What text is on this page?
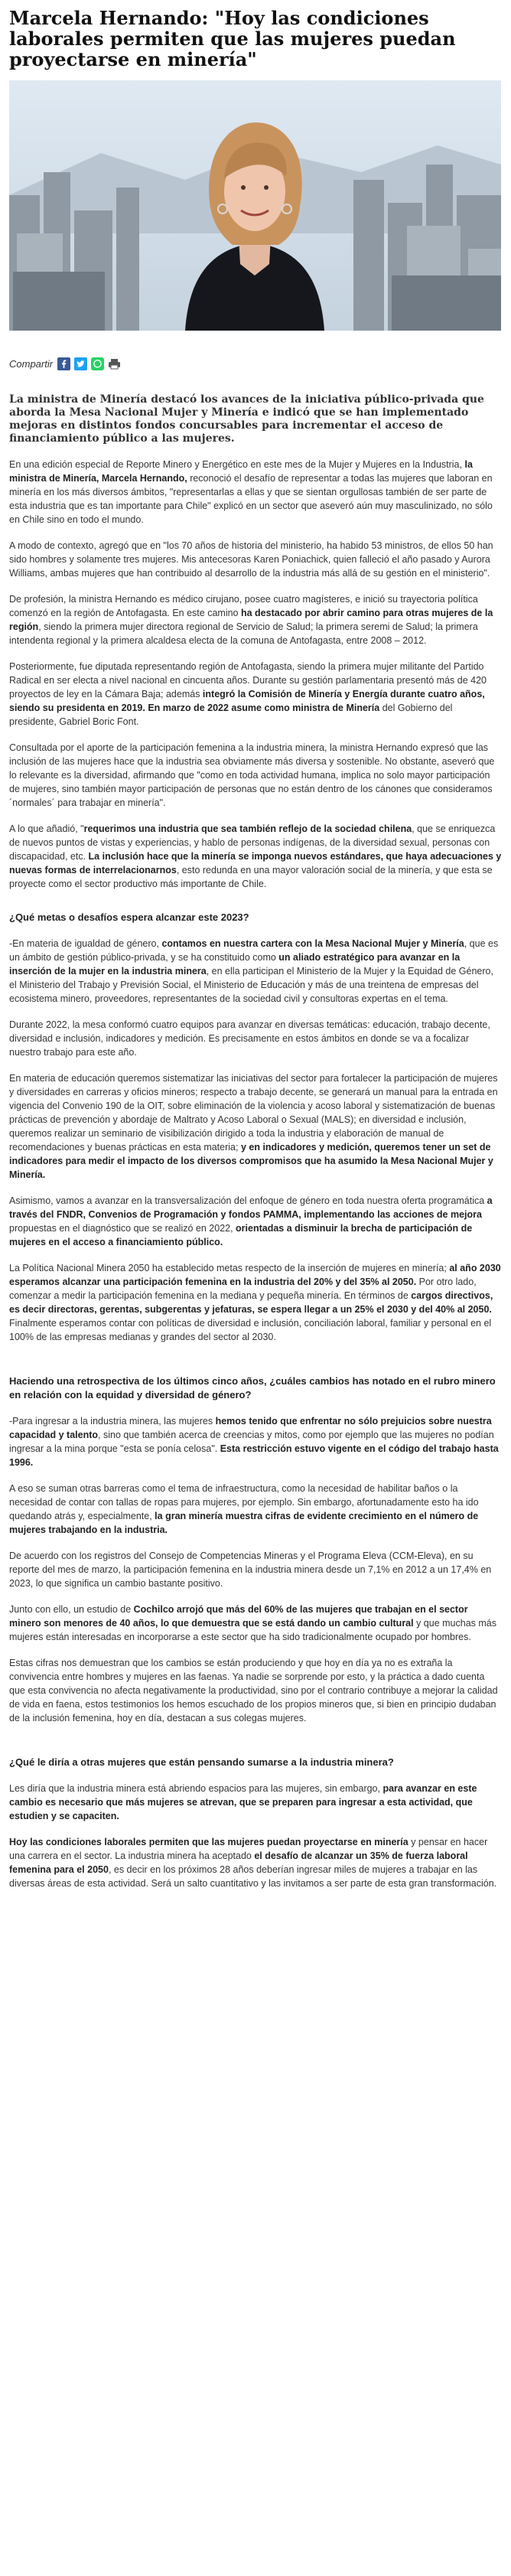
Marcela Hernando: "Hoy las condiciones laborales permiten que las mujeres puedan proyectarse en minería"
Compartir

La ministra de Minería destacó los avances de la iniciativa público-privada que aborda la Mesa Nacional Mujer y Minería e indicó que se han implementado mejoras en distintos fondos concursables para incrementar el acceso de financiamiento público a las mujeres.

En una edición especial de Reporte Minero y Energético en este mes de la Mujer y Mujeres en la Industria, la ministra de Minería, Marcela Hernando, reconoció el desafío de representar a todas las mujeres que laboran en minería en los más diversos ámbitos, "representarlas a ellas y que se sientan orgullosas también de ser parte de esta industria que es tan importante para Chile" explicó en un sector que aseveró aún muy masculinizado, no sólo en Chile sino en todo el mundo.

A modo de contexto, agregó que en "los 70 años de historia del ministerio, ha habido 53 ministros, de ellos 50 han sido hombres y solamente tres mujeres. Mis antecesoras Karen Poniachick, quien falleció el año pasado y Aurora Williams, ambas mujeres que han contribuido al desarrollo de la industria más allá de su gestión en el ministerio".

De profesión, la ministra Hernando es médico cirujano, posee cuatro magísteres, e inició su trayectoria política comenzó en la región de Antofagasta. En este camino ha destacado por abrir camino para otras mujeres de la región, siendo la primera mujer directora regional de Servicio de Salud; la primera seremi de Salud; la primera intendenta regional y la primera alcaldesa electa de la comuna de Antofagasta, entre 2008 – 2012.

Posteriormente, fue diputada representando región de Antofagasta, siendo la primera mujer militante del Partido Radical en ser electa a nivel nacional en cincuenta años. Durante su gestión parlamentaria presentó más de 420 proyectos de ley en la Cámara Baja; además integró la Comisión de Minería y Energía durante cuatro años, siendo su presidenta en 2019. En marzo de 2022 asume como ministra de Minería del Gobierno del presidente, Gabriel Boric Font.

Consultada por el aporte de la participación femenina a la industria minera, la ministra Hernando expresó que las inclusión de las mujeres hace que la industria sea obviamente más diversa y sostenible. No obstante, aseveró que lo relevante es la diversidad, afirmando que "como en toda actividad humana, implica no solo mayor participación de mujeres, sino también mayor participación de personas que no están dentro de los cánones que consideramos ´normales´ para trabajar en minería".

A lo que añadió, "requerimos una industria que sea también reflejo de la sociedad chilena, que se enriquezca de nuevos puntos de vistas y experiencias, y hablo de personas indígenas, de la diversidad sexual, personas con discapacidad, etc. La inclusión hace que la minería se imponga nuevos estándares, que haya adecuaciones y nuevas formas de interrelacionarnos, esto redunda en una mayor valoración social de la minería, y que esta se proyecte como el sector productivo más importante de Chile.

¿Qué metas o desafíos espera alcanzar este 2023?

-En materia de igualdad de género, contamos en nuestra cartera con la Mesa Nacional Mujer y Minería, que es un ámbito de gestión público-privada, y se ha constituido como un aliado estratégico para avanzar en la inserción de la mujer en la industria minera, en ella participan el Ministerio de la Mujer y la Equidad de Género, el Ministerio del Trabajo y Previsión Social, el Ministerio de Educación y más de una treintena de empresas del ecosistema minero, proveedores, representantes de la sociedad civil y consultoras expertas en el tema.

Durante 2022, la mesa conformó cuatro equipos para avanzar en diversas temáticas: educación, trabajo decente, diversidad e inclusión, indicadores y medición. Es precisamente en estos ámbitos en donde se va a focalizar nuestro trabajo para este año.

En materia de educación queremos sistematizar las iniciativas del sector para fortalecer la participación de mujeres y diversidades en carreras y oficios mineros; respecto a trabajo decente, se generará un manual para la entrada en vigencia del Convenio 190 de la OIT, sobre eliminación de la violencia y acoso laboral y sistematización de buenas prácticas de prevención y abordaje de Maltrato y Acoso Laboral o Sexual (MALS); en diversidad e inclusión, queremos realizar un seminario de visibilización dirigido a toda la industria y elaboración de manual de recomendaciones y buenas prácticas en esta materia; y en indicadores y medición, queremos tener un set de indicadores para medir el impacto de los diversos compromisos que ha asumido la Mesa Nacional Mujer y Minería.

Asimismo, vamos a avanzar en la transversalización del enfoque de género en toda nuestra oferta programática a través del FNDR, Convenios de Programación y fondos PAMMA, implementando las acciones de mejora propuestas en el diagnóstico que se realizó en 2022, orientadas a disminuir la brecha de participación de mujeres en el acceso a financiamiento público.

La Política Nacional Minera 2050 ha establecido metas respecto de la inserción de mujeres en minería; al año 2030 esperamos alcanzar una participación femenina en la industria del 20% y del 35% al 2050. Por otro lado, comenzar a medir la participación femenina en la mediana y pequeña minería. En términos de cargos directivos, es decir directoras, gerentas, subgerentas y jefaturas, se espera llegar a un 25% el 2030 y del 40% al 2050. Finalmente esperamos contar con políticas de diversidad e inclusión, conciliación laboral, familiar y personal en el 100% de las empresas medianas y grandes del sector al 2030.

Haciendo una retrospectiva de los últimos cinco años, ¿cuáles cambios has notado en el rubro minero en relación con la equidad y diversidad de género?

-Para ingresar a la industria minera, las mujeres hemos tenido que enfrentar no sólo prejuicios sobre nuestra capacidad y talento, sino que también acerca de creencias y mitos, como por ejemplo que las mujeres no podían ingresar a la mina porque "esta se ponía celosa". Esta restricción estuvo vigente en el código del trabajo hasta 1996.

A eso se suman otras barreras como el tema de infraestructura, como la necesidad de habilitar baños o la necesidad de contar con tallas de ropas para mujeres, por ejemplo. Sin embargo, afortunadamente esto ha ido quedando atrás y, especialmente, la gran minería muestra cifras de evidente crecimiento en el número de mujeres trabajando en la industria.

De acuerdo con los registros del Consejo de Competencias Mineras y el Programa Eleva (CCM-Eleva), en su reporte del mes de marzo, la participación femenina en la industria minera desde un 7,1% en 2012 a un 17,4% en 2023, lo que significa un cambio bastante positivo.

Junto con ello, un estudio de Cochilco arrojó que más del 60% de las mujeres que trabajan en el sector minero son menores de 40 años, lo que demuestra que se está dando un cambio cultural y que muchas más mujeres están interesadas en incorporarse a este sector que ha sido tradicionalmente ocupado por hombres.

Estas cifras nos demuestran que los cambios se están produciendo y que hoy en día ya no es extraña la convivencia entre hombres y mujeres en las faenas. Ya nadie se sorprende por esto, y la práctica a dado cuenta que esta convivencia no afecta negativamente la productividad, sino por el contrario contribuye a mejorar la calidad de vida en faena, estos testimonios los hemos escuchado de los propios mineros que, si bien en principio dudaban de la inclusión femenina, hoy en día, destacan a sus colegas mujeres.

¿Qué le diría a otras mujeres que están pensando sumarse a la industria minera?

Les diría que la industria minera está abriendo espacios para las mujeres, sin embargo, para avanzar en este cambio es necesario que más mujeres se atrevan, que se preparen para ingresar a esta actividad, que estudien y se capaciten.

Hoy las condiciones laborales permiten que las mujeres puedan proyectarse en minería y pensar en hacer una carrera en el sector. La industria minera ha aceptado el desafío de alcanzar un 35% de fuerza laboral femenina para el 2050, es decir en los próximos 28 años deberían ingresar miles de mujeres a trabajar en las diversas áreas de esta actividad. Será un salto cuantitativo y las invitamos a ser parte de esta gran transformación.
